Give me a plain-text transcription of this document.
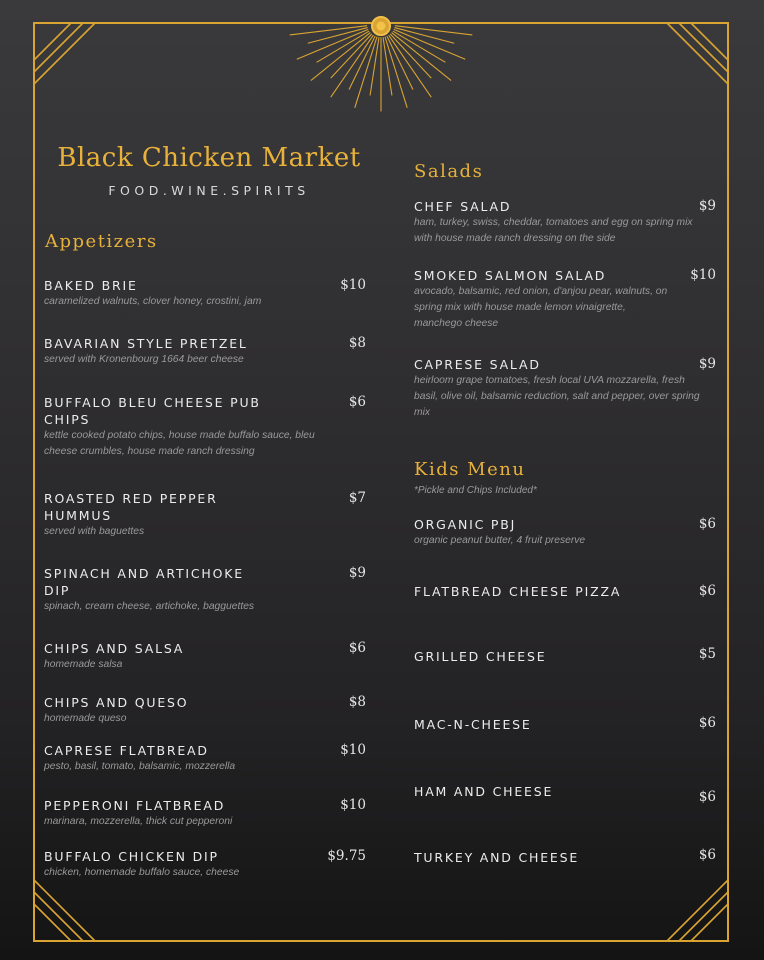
Black Chicken Market
FOOD.WINE.SPIRITS
Appetizers
BAKED BRIE
caramelized walnuts, clover honey, crostini, jam
$10
BAVARIAN STYLE PRETZEL
served with Kronenbourg 1664 beer cheese
$8
BUFFALO BLEU CHEESE PUB CHIPS
kettle cooked potato chips, house made buffalo sauce, bleu cheese crumbles, house made ranch dressing
$6
ROASTED RED PEPPER HUMMUS
served with baguettes
$7
SPINACH AND ARTICHOKE DIP
spinach, cream cheese, artichoke, bagguettes
$9
CHIPS AND SALSA
homemade salsa
$6
CHIPS AND QUESO
homemade queso
$8
CAPRESE FLATBREAD
pesto, basil, tomato, balsamic, mozzerella
$10
PEPPERONI FLATBREAD
marinara, mozzerella, thick cut pepperoni
$10
BUFFALO CHICKEN DIP
chicken, homemade buffalo sauce, cheese
$9.75
Salads
CHEF SALAD
ham, turkey, swiss, cheddar, tomatoes and egg on spring mix with house made ranch dressing on the side
$9
SMOKED SALMON SALAD
avocado, balsamic, red onion, d'anjou pear, walnuts, on spring mix with house made lemon vinaigrette, manchego cheese
$10
CAPRESE SALAD
heirloom grape tomatoes, fresh local UVA mozzarella, fresh basil, olive oil, balsamic reduction, salt and pepper, over spring mix
$9
Kids Menu
*Pickle and Chips Included*
ORGANIC PBJ
organic peanut butter, 4 fruit preserve
$6
FLATBREAD CHEESE PIZZA	$6
GRILLED CHEESE	$5
MAC-N-CHEESE	$6
HAM AND CHEESE	$6
TURKEY AND CHEESE	$6
